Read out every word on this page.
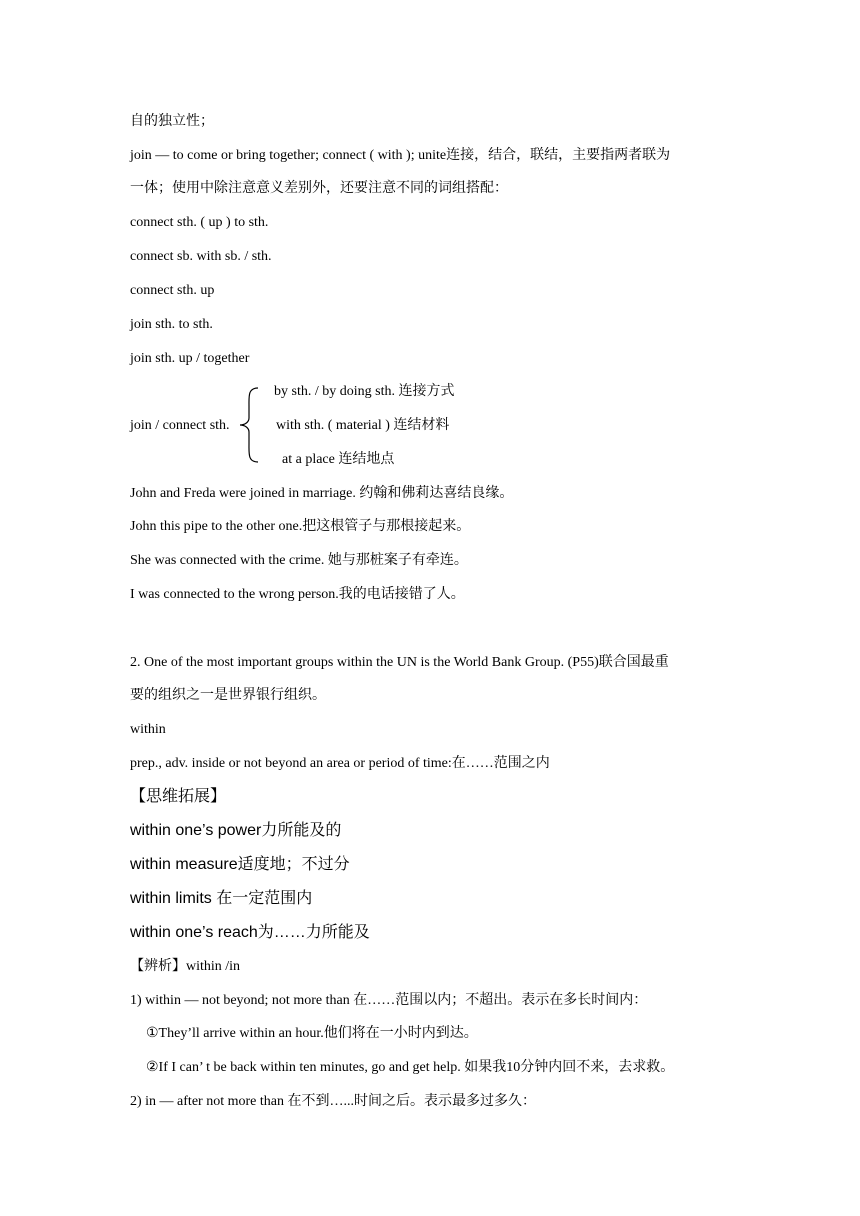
自的独立性；
join — to come or bring together; connect ( with ); unite连接，结合，联结，主要指两者联为
一体；使用中除注意意义差别外，还要注意不同的词组搭配：
connect sth. ( up ) to sth.
connect sb. with sb. / sth.
connect sth. up
join sth. to sth.
join sth. up / together
join / connect sth.
by sth. / by doing sth. 连接方式
with sth. ( material ) 连结材料
at a place 连结地点
John and Freda were joined in marriage. 约翰和佛莉达喜结良缘。
John this pipe to the other one.把这根管子与那根接起来。
She was connected with the crime. 她与那桩案子有牵连。
I was connected to the wrong person.我的电话接错了人。
2. One of the most important groups within the UN is the World Bank Group. (P55)联合国最重
要的组织之一是世界银行组织。
within
prep., adv. inside or not beyond an area or period of time:在……范围之内
【思维拓展】
within one’s power力所能及的
within measure适度地；不过分
within limits 在一定范围内
within one’s reach为……力所能及
【辨析】within /in
1) within — not beyond; not more than 在……范围以内；不超出。表示在多长时间内：
①They’ll arrive within an hour.他们将在一小时内到达。
②If I can’ t be back within ten minutes, go and get help. 如果我10分钟内回不来，去求救。
2) in — after not more than 在不到…...时间之后。表示最多过多久：
